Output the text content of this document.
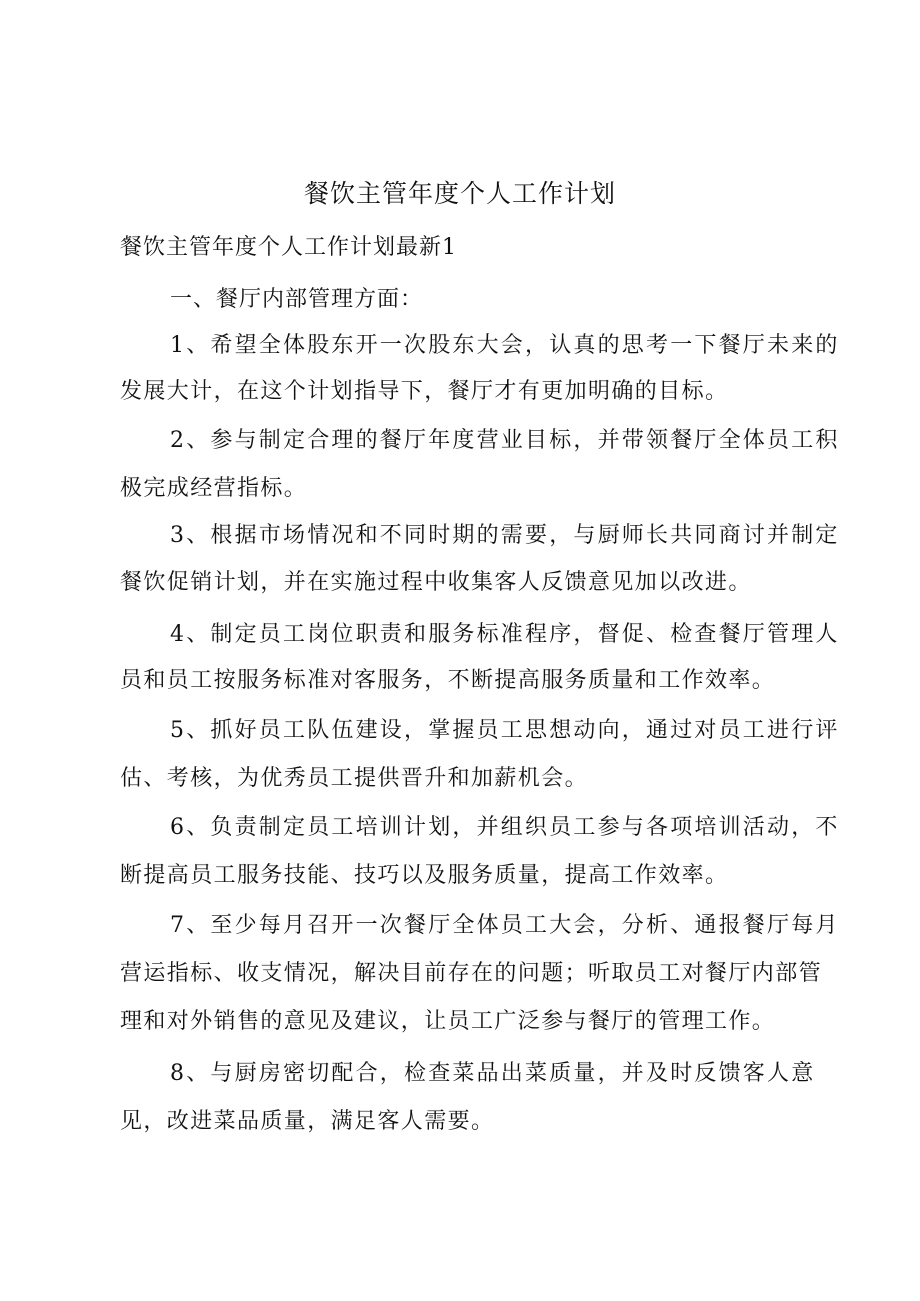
餐饮主管年度个人工作计划
餐饮主管年度个人工作计划最新1
一、餐厅内部管理方面：
1、希望全体股东开一次股东大会，认真的思考一下餐厅未来的
发展大计，在这个计划指导下，餐厅才有更加明确的目标。
2、参与制定合理的餐厅年度营业目标，并带领餐厅全体员工积
极完成经营指标。
3、根据市场情况和不同时期的需要，与厨师长共同商讨并制定
餐饮促销计划，并在实施过程中收集客人反馈意见加以改进。
4、制定员工岗位职责和服务标准程序，督促、检查餐厅管理人
员和员工按服务标准对客服务，不断提高服务质量和工作效率。
5、抓好员工队伍建设，掌握员工思想动向，通过对员工进行评
估、考核，为优秀员工提供晋升和加薪机会。
6、负责制定员工培训计划，并组织员工参与各项培训活动，不
断提高员工服务技能、技巧以及服务质量，提高工作效率。
7、至少每月召开一次餐厅全体员工大会，分析、通报餐厅每月
营运指标、收支情况，解决目前存在的问题；听取员工对餐厅内部管
理和对外销售的意见及建议，让员工广泛参与餐厅的管理工作。
8、与厨房密切配合，检查菜品出菜质量，并及时反馈客人意
见，改进菜品质量，满足客人需要。
